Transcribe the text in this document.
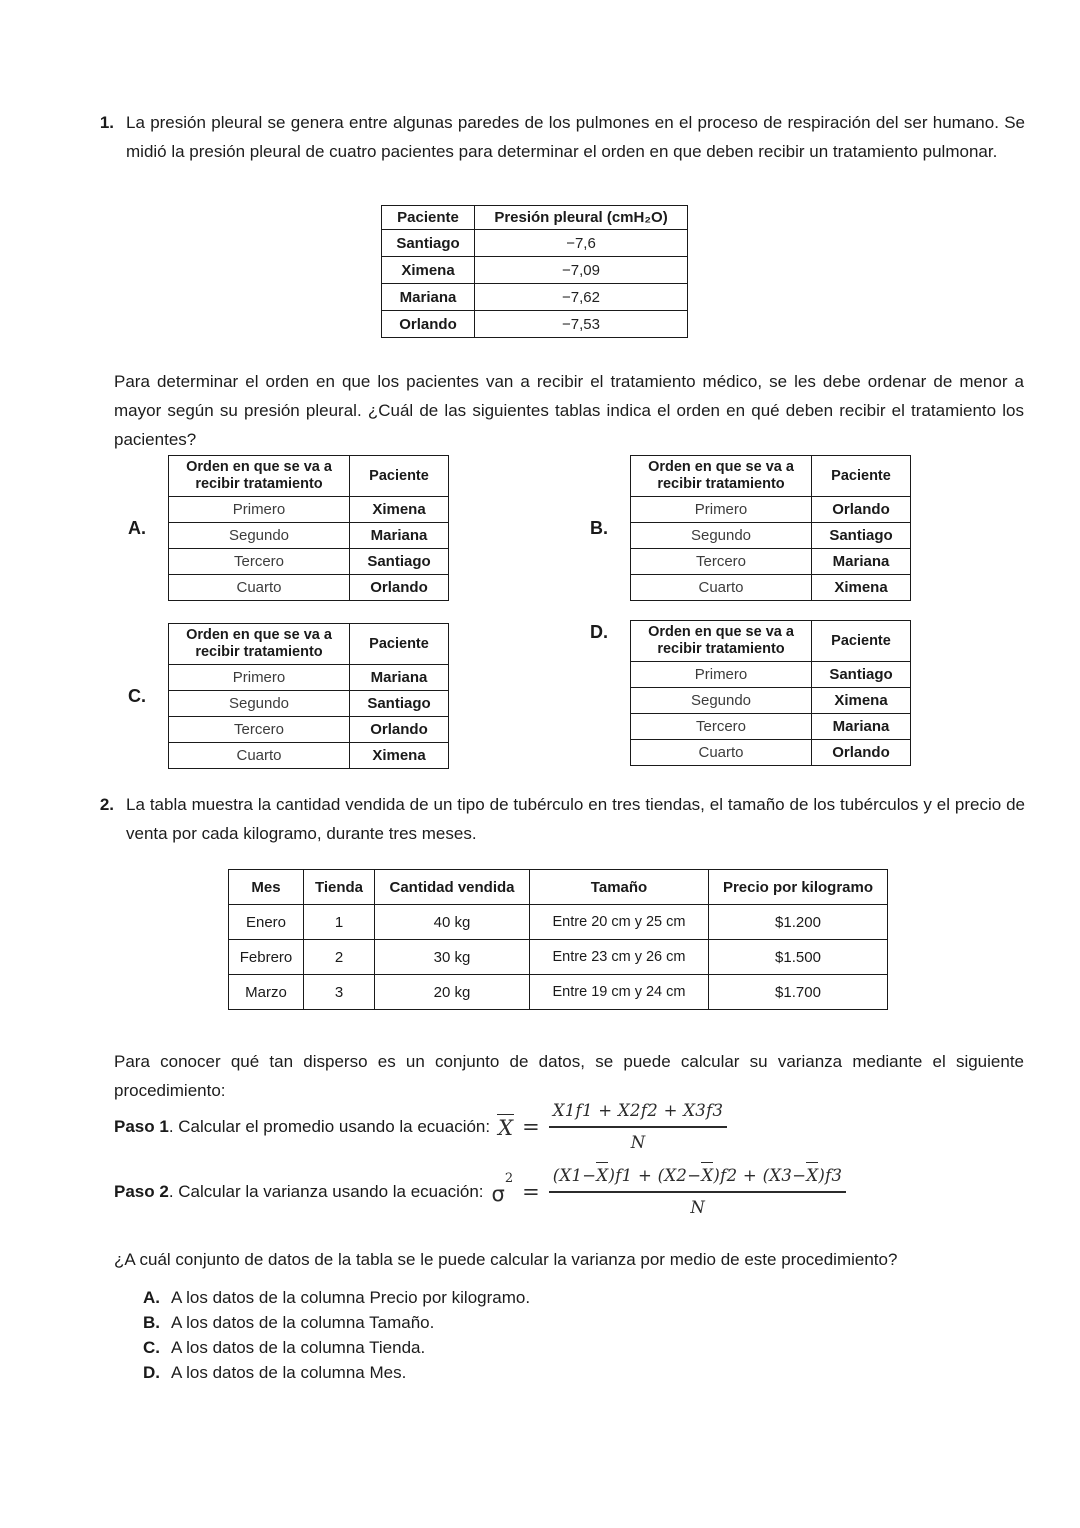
1. La presión pleural se genera entre algunas paredes de los pulmones en el proceso de respiración del ser humano. Se midió la presión pleural de cuatro pacientes para determinar el orden en que deben recibir un tratamiento pulmonar.

Paciente	Presión pleural (cmH₂O)
Santiago	−7,6
Ximena	−7,09
Mariana	−7,62
Orlando	−7,53

Para determinar el orden en que los pacientes van a recibir el tratamiento médico, se les debe ordenar de menor a mayor según su presión pleural. ¿Cuál de las siguientes tablas indica el orden en qué deben recibir el tratamiento los pacientes?

A.
Orden en que se va a recibir tratamiento	Paciente
Primero	Ximena
Segundo	Mariana
Tercero	Santiago
Cuarto	Orlando
B.
Orden en que se va a recibir tratamiento	Paciente
Primero	Orlando
Segundo	Santiago
Tercero	Mariana
Cuarto	Ximena
C.
Orden en que se va a recibir tratamiento	Paciente
Primero	Mariana
Segundo	Santiago
Tercero	Orlando
Cuarto	Ximena
D.	Orden en que se va a recibir tratamiento	Paciente
Primero	Santiago
Segundo	Ximena
Tercero	Mariana
Cuarto	Orlando
2. La tabla muestra la cantidad vendida de un tipo de tubérculo en tres tiendas, el tamaño de los tubérculos y el precio de venta por cada kilogramo, durante tres meses.

Mes	Tienda	Cantidad vendida	Tamaño	Precio por kilogramo
Enero	1	40 kg	Entre 20 cm y 25 cm	$1.200
Febrero	2	30 kg	Entre 23 cm y 26 cm	$1.500
Marzo	3	20 kg	Entre 19 cm y 24 cm	$1.700

Para conocer qué tan disperso es un conjunto de datos, se puede calcular su varianza mediante el siguiente procedimiento:

Paso 1. Calcular el promedio usando la ecuación: $X = \frac{X1f1 + X2f2 + X3f3}{N}$
Paso 2. Calcular la varianza usando la ecuación: $\sigma^2$
= $\frac{(X1-X)f1 + (X2-X)f2 + (X3-X)f3}{N}$

¿A cuál conjunto de datos de la tabla se le puede calcular la varianza por medio de este procedimiento?

A. A los datos de la columna Precio por kilogramo.
B. A los datos de la columna Tamaño.
C. A los datos de la columna Tienda.
D. A los datos de la columna Mes.
